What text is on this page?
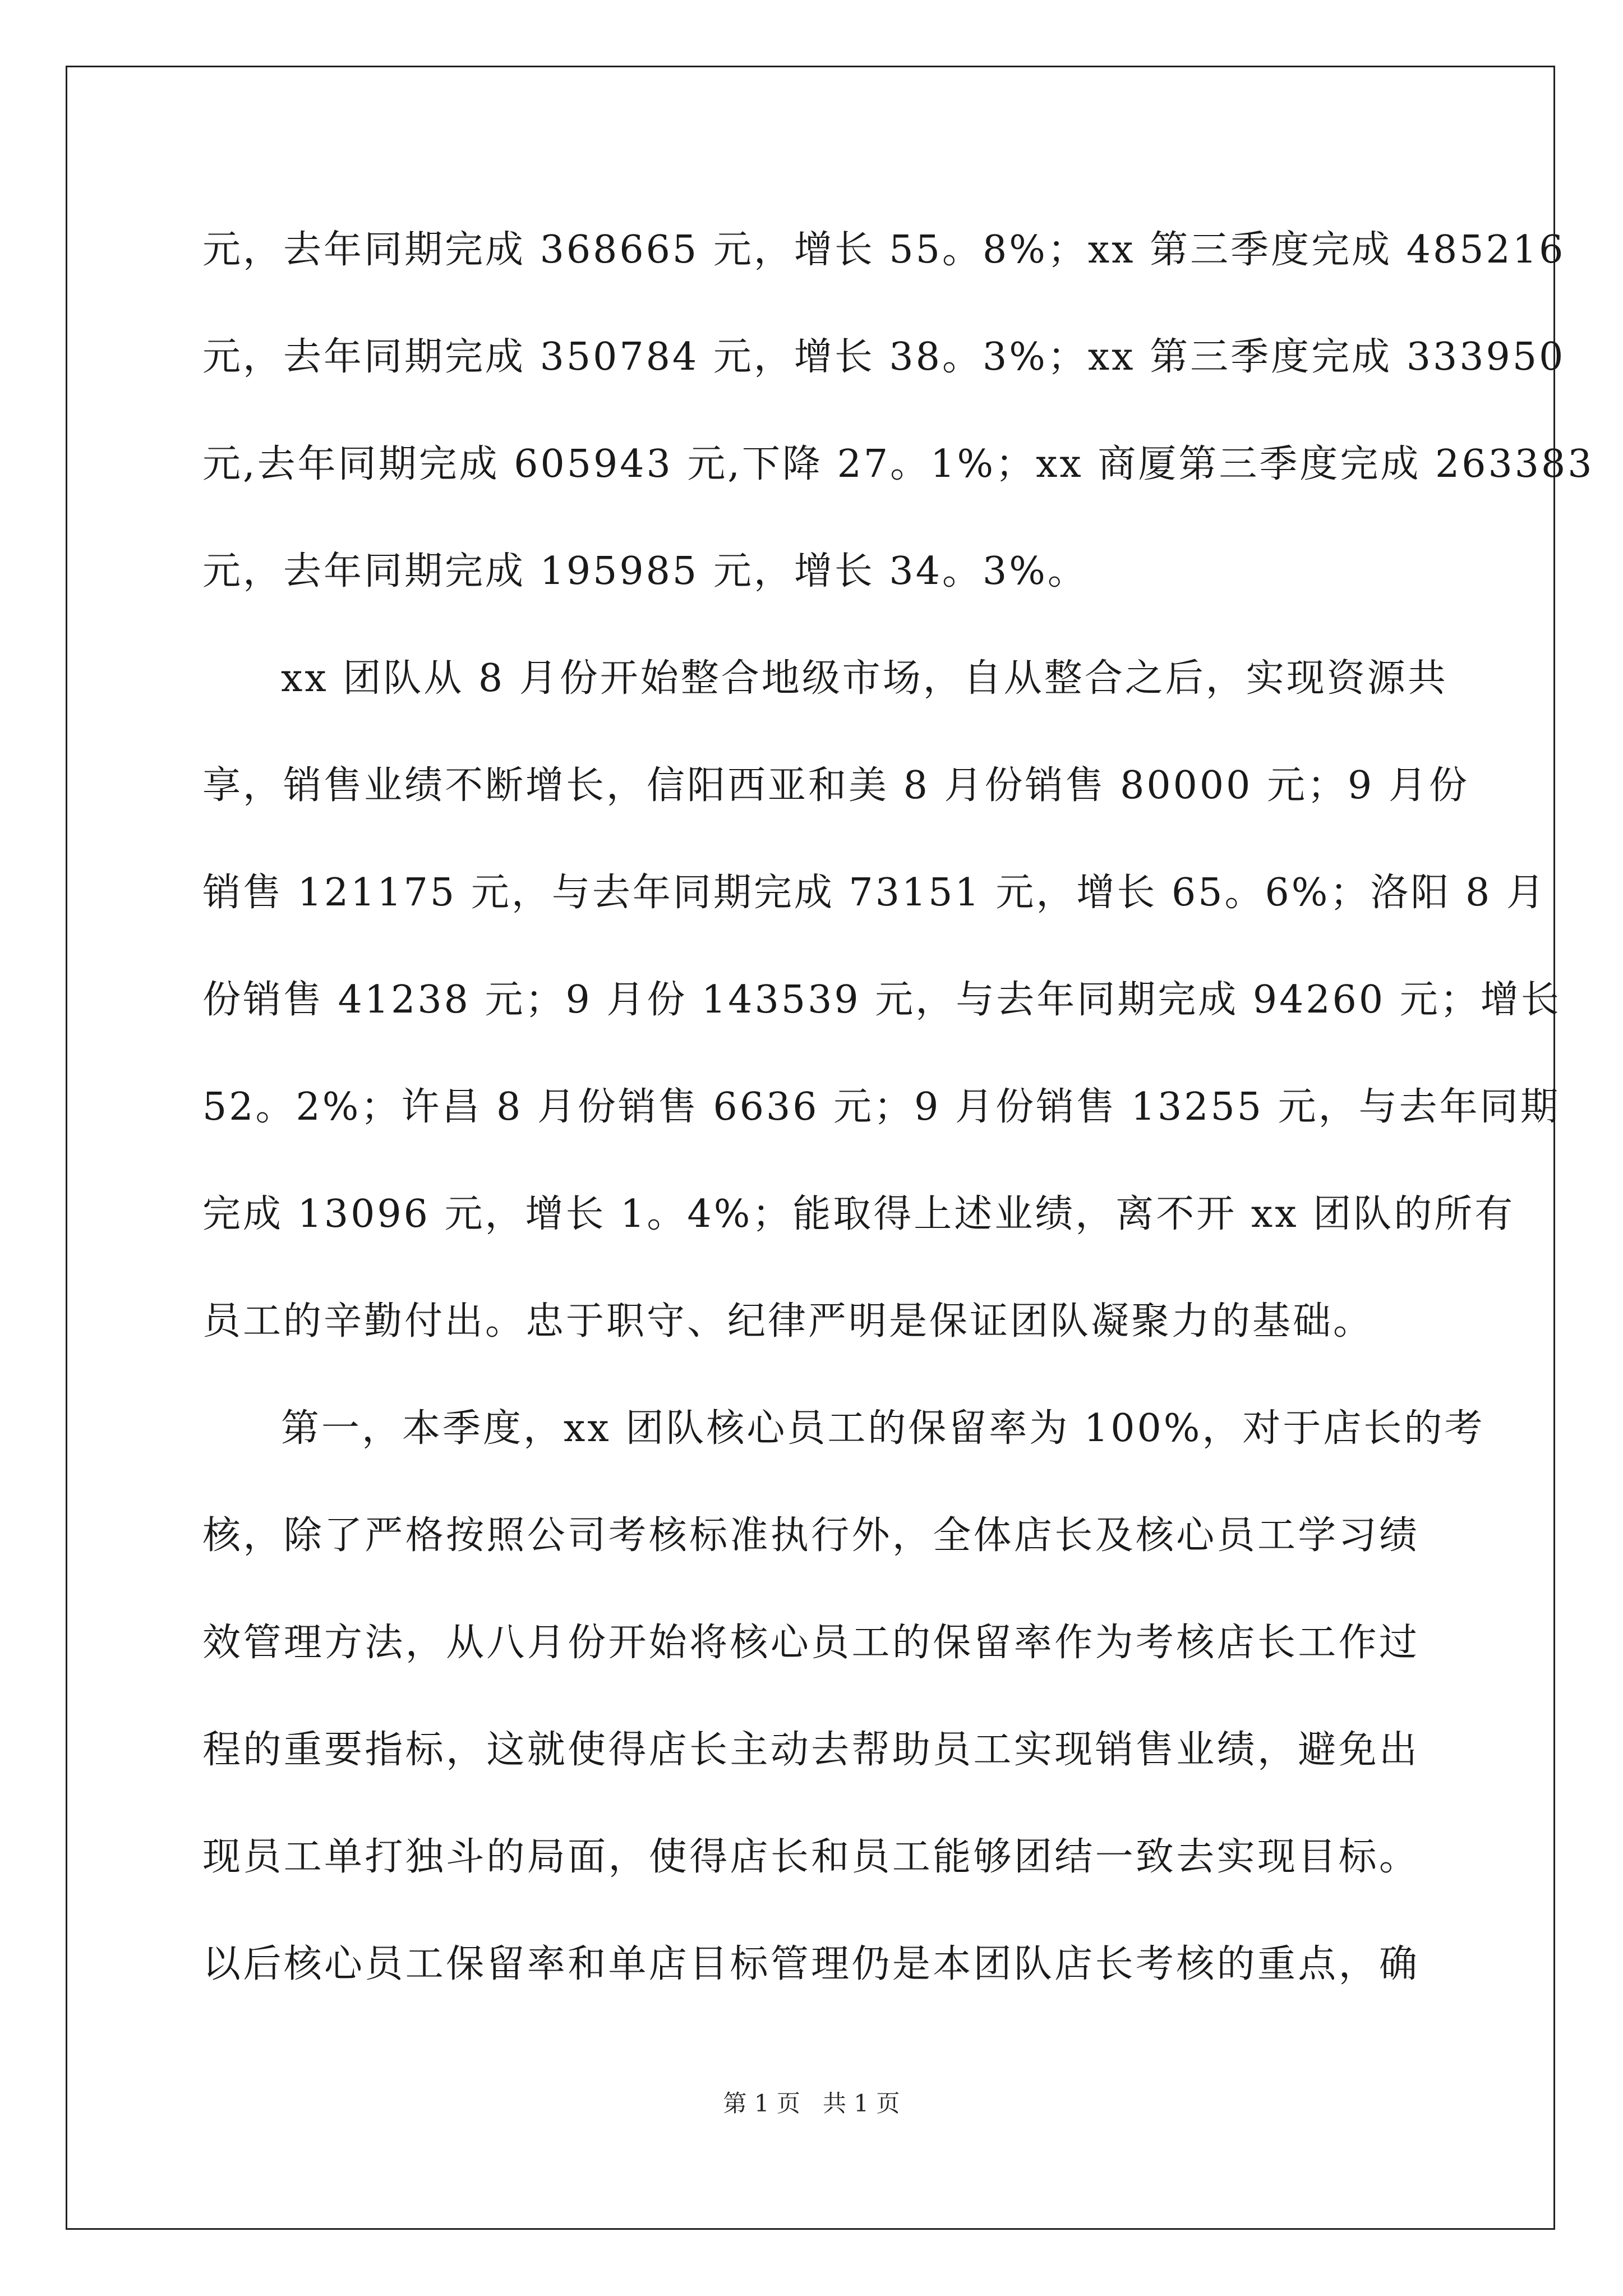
元，去年同期完成 368665 元，增长 55。8%；xx 第三季度完成 485216
元，去年同期完成 350784 元，增长 38。3%；xx 第三季度完成 333950
元,去年同期完成 605943 元,下降 27。1%；xx 商厦第三季度完成 263383
元，去年同期完成 195985 元，增长 34。3%。
xx 团队从 8 月份开始整合地级市场，自从整合之后，实现资源共
享，销售业绩不断增长，信阳西亚和美 8 月份销售 80000 元；9 月份
销售 121175 元，与去年同期完成 73151 元，增长 65。6%；洛阳 8 月
份销售 41238 元；9 月份 143539 元，与去年同期完成 94260 元；增长
52。2%；许昌 8 月份销售 6636 元；9 月份销售 13255 元，与去年同期
完成 13096 元，增长 1。4%；能取得上述业绩，离不开 xx 团队的所有
员工的辛勤付出。忠于职守、纪律严明是保证团队凝聚力的基础。
第一，本季度，xx 团队核心员工的保留率为 100%，对于店长的考
核，除了严格按照公司考核标准执行外，全体店长及核心员工学习绩
效管理方法，从八月份开始将核心员工的保留率作为考核店长工作过
程的重要指标，这就使得店长主动去帮助员工实现销售业绩，避免出
现员工单打独斗的局面，使得店长和员工能够团结一致去实现目标。
以后核心员工保留率和单店目标管理仍是本团队店长考核的重点，确
第 1 页 共 1 页
